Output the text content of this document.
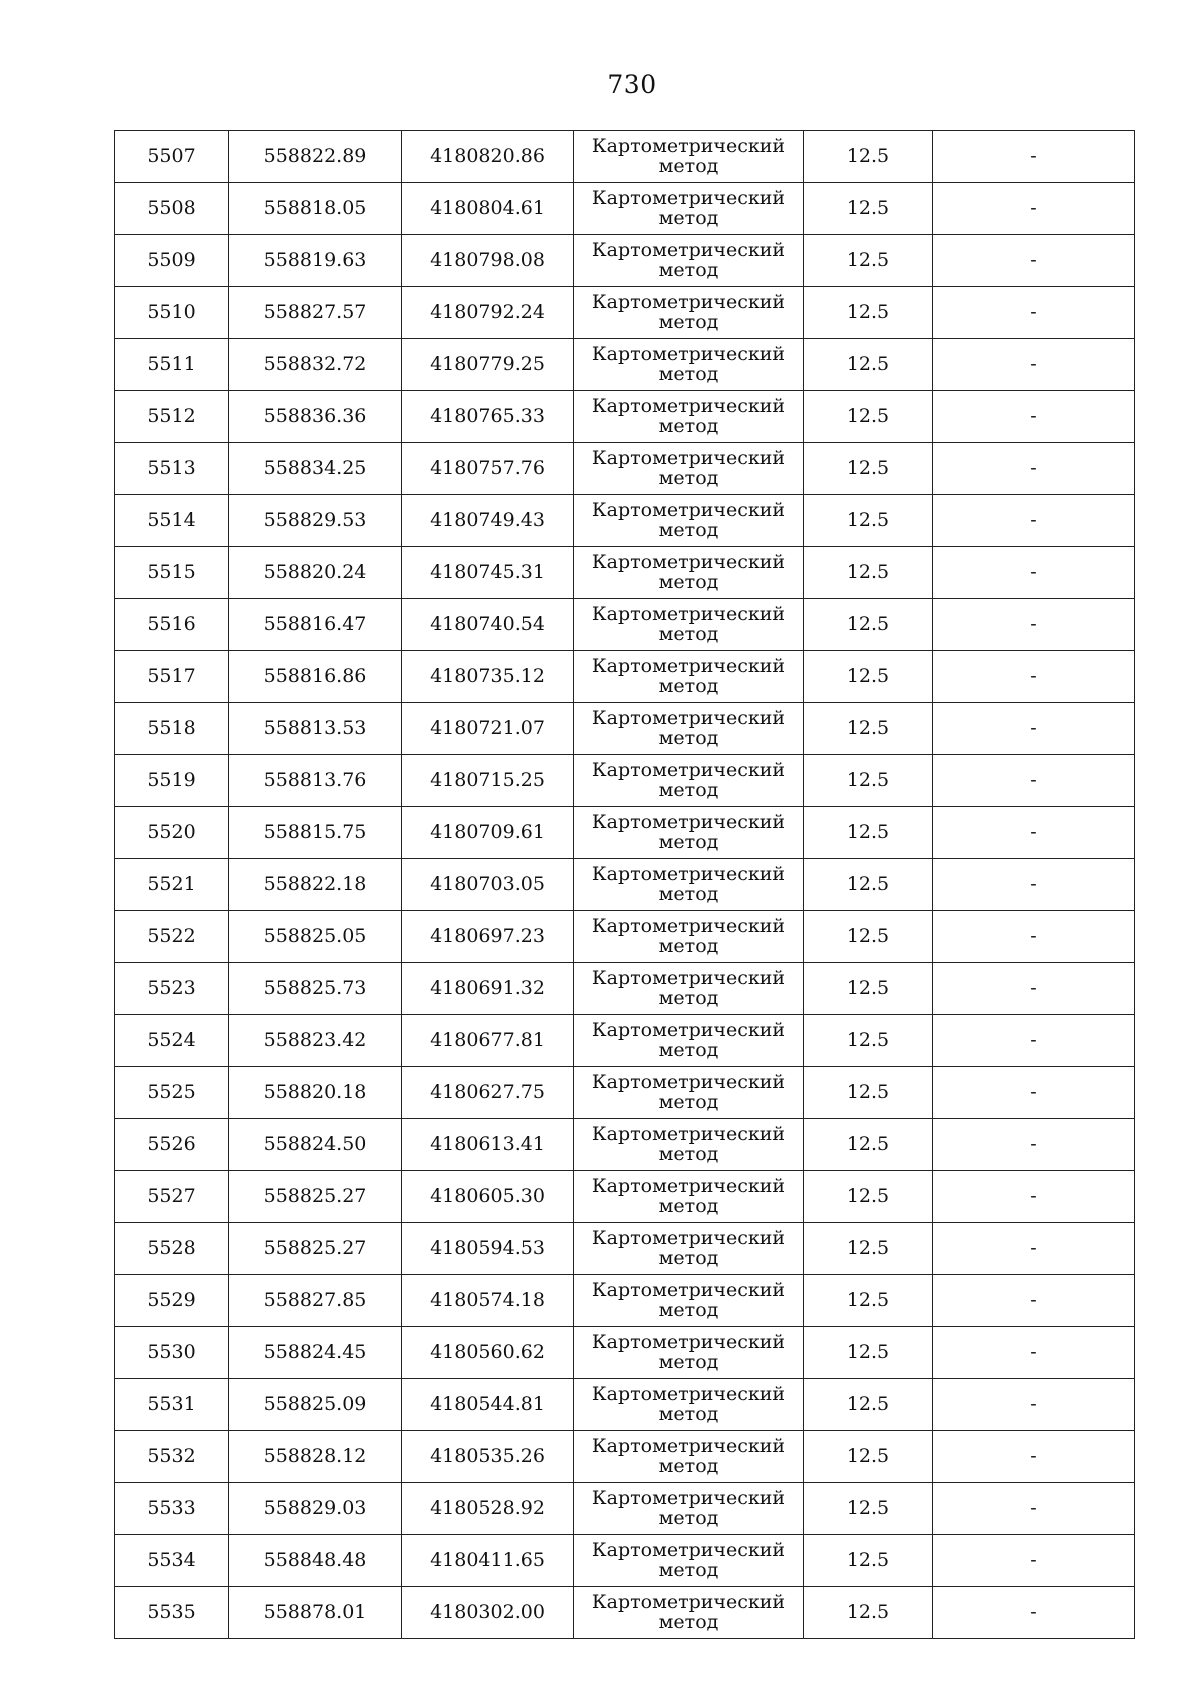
730
5507	558822.89	4180820.86	Картометрический
метод	12.5	-
5508	558818.05	4180804.61	Картометрический
метод	12.5	-
5509	558819.63	4180798.08	Картометрический
метод	12.5	-
5510	558827.57	4180792.24	Картометрический
метод	12.5	-
5511	558832.72	4180779.25	Картометрический
метод	12.5	-
5512	558836.36	4180765.33	Картометрический
метод	12.5	-
5513	558834.25	4180757.76	Картометрический
метод	12.5	-
5514	558829.53	4180749.43	Картометрический
метод	12.5	-
5515	558820.24	4180745.31	Картометрический
метод	12.5	-
5516	558816.47	4180740.54	Картометрический
метод	12.5	-
5517	558816.86	4180735.12	Картометрический
метод	12.5	-
5518	558813.53	4180721.07	Картометрический
метод	12.5	-
5519	558813.76	4180715.25	Картометрический
метод	12.5	-
5520	558815.75	4180709.61	Картометрический
метод	12.5	-
5521	558822.18	4180703.05	Картометрический
метод	12.5	-
5522	558825.05	4180697.23	Картометрический
метод	12.5	-
5523	558825.73	4180691.32	Картометрический
метод	12.5	-
5524	558823.42	4180677.81	Картометрический
метод	12.5	-
5525	558820.18	4180627.75	Картометрический
метод	12.5	-
5526	558824.50	4180613.41	Картометрический
метод	12.5	-
5527	558825.27	4180605.30	Картометрический
метод	12.5	-
5528	558825.27	4180594.53	Картометрический
метод	12.5	-
5529	558827.85	4180574.18	Картометрический
метод	12.5	-
5530	558824.45	4180560.62	Картометрический
метод	12.5	-
5531	558825.09	4180544.81	Картометрический
метод	12.5	-
5532	558828.12	4180535.26	Картометрический
метод	12.5	-
5533	558829.03	4180528.92	Картометрический
метод	12.5	-
5534	558848.48	4180411.65	Картометрический
метод	12.5	-
5535	558878.01	4180302.00	Картометрический
метод	12.5	-
